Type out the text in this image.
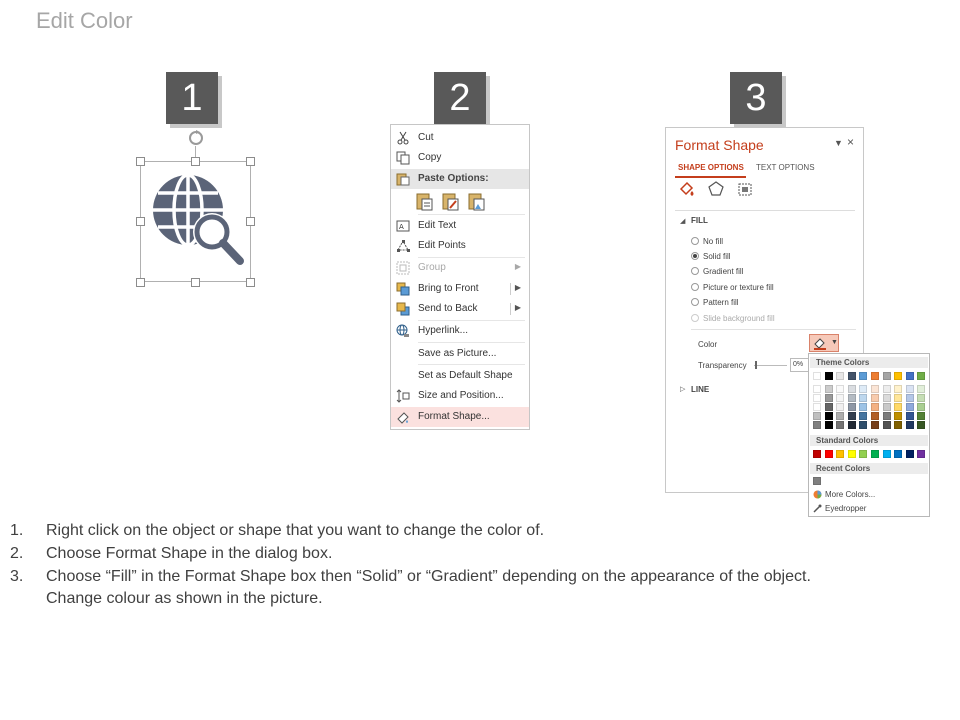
Edit Color
1	2	3
Cut
Copy
Paste Options:
A Edit Text
Edit Points
Group	▶
Bring to Front	▶
Send to Back	▶
Hyperlink...
Save as Picture...
Set as Default Shape
Size and Position...
Format Shape...
Format Shape	▼ ×
SHAPE OPTIONS TEXT OPTIONS
◢ FILL
No fill
Solid fill
Gradient fill
Picture or texture fill
Pattern fill
Slide background fill
Color	▼
Transparency	0%
▷ LINE
Theme Colors
Standard Colors
Recent Colors
More Colors...
Eyedropper
1. Right click on the object or shape that you want to change the color of.
2. Choose Format Shape in the dialog box.
3. Choose “Fill” in the Format Shape box then “Solid” or “Gradient” depending on the appearance of the object.
Change colour as shown in the picture.
